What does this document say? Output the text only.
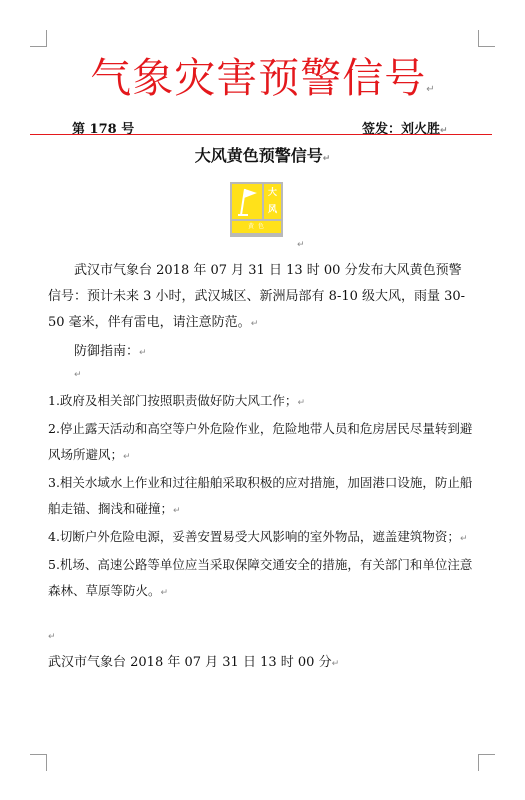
气象灾害预警信号↵
第 178 号	签发：刘火胜↵
大风黄色预警信号↵
大
风
黄 色
↵
武汉市气象台 2018 年 07 月 31 日 13 时 00 分发布大风黄色预警信号：预计未来 3 小时，武汉城区、新洲局部有 8-10 级大风，雨量 30-50 毫米，伴有雷电，请注意防范。↵
防御指南：↵
↵
1.政府及相关部门按照职责做好防大风工作；↵
2.停止露天活动和高空等户外危险作业，危险地带人员和危房居民尽量转到避风场所避风；↵
3.相关水域水上作业和过往船舶采取积极的应对措施，加固港口设施，防止船舶走锚、搁浅和碰撞；↵
4.切断户外危险电源，妥善安置易受大风影响的室外物品，遮盖建筑物资；↵
5.机场、高速公路等单位应当采取保障交通安全的措施，有关部门和单位注意森林、草原等防火。↵
↵
武汉市气象台 2018 年 07 月 31 日 13 时 00 分↵
